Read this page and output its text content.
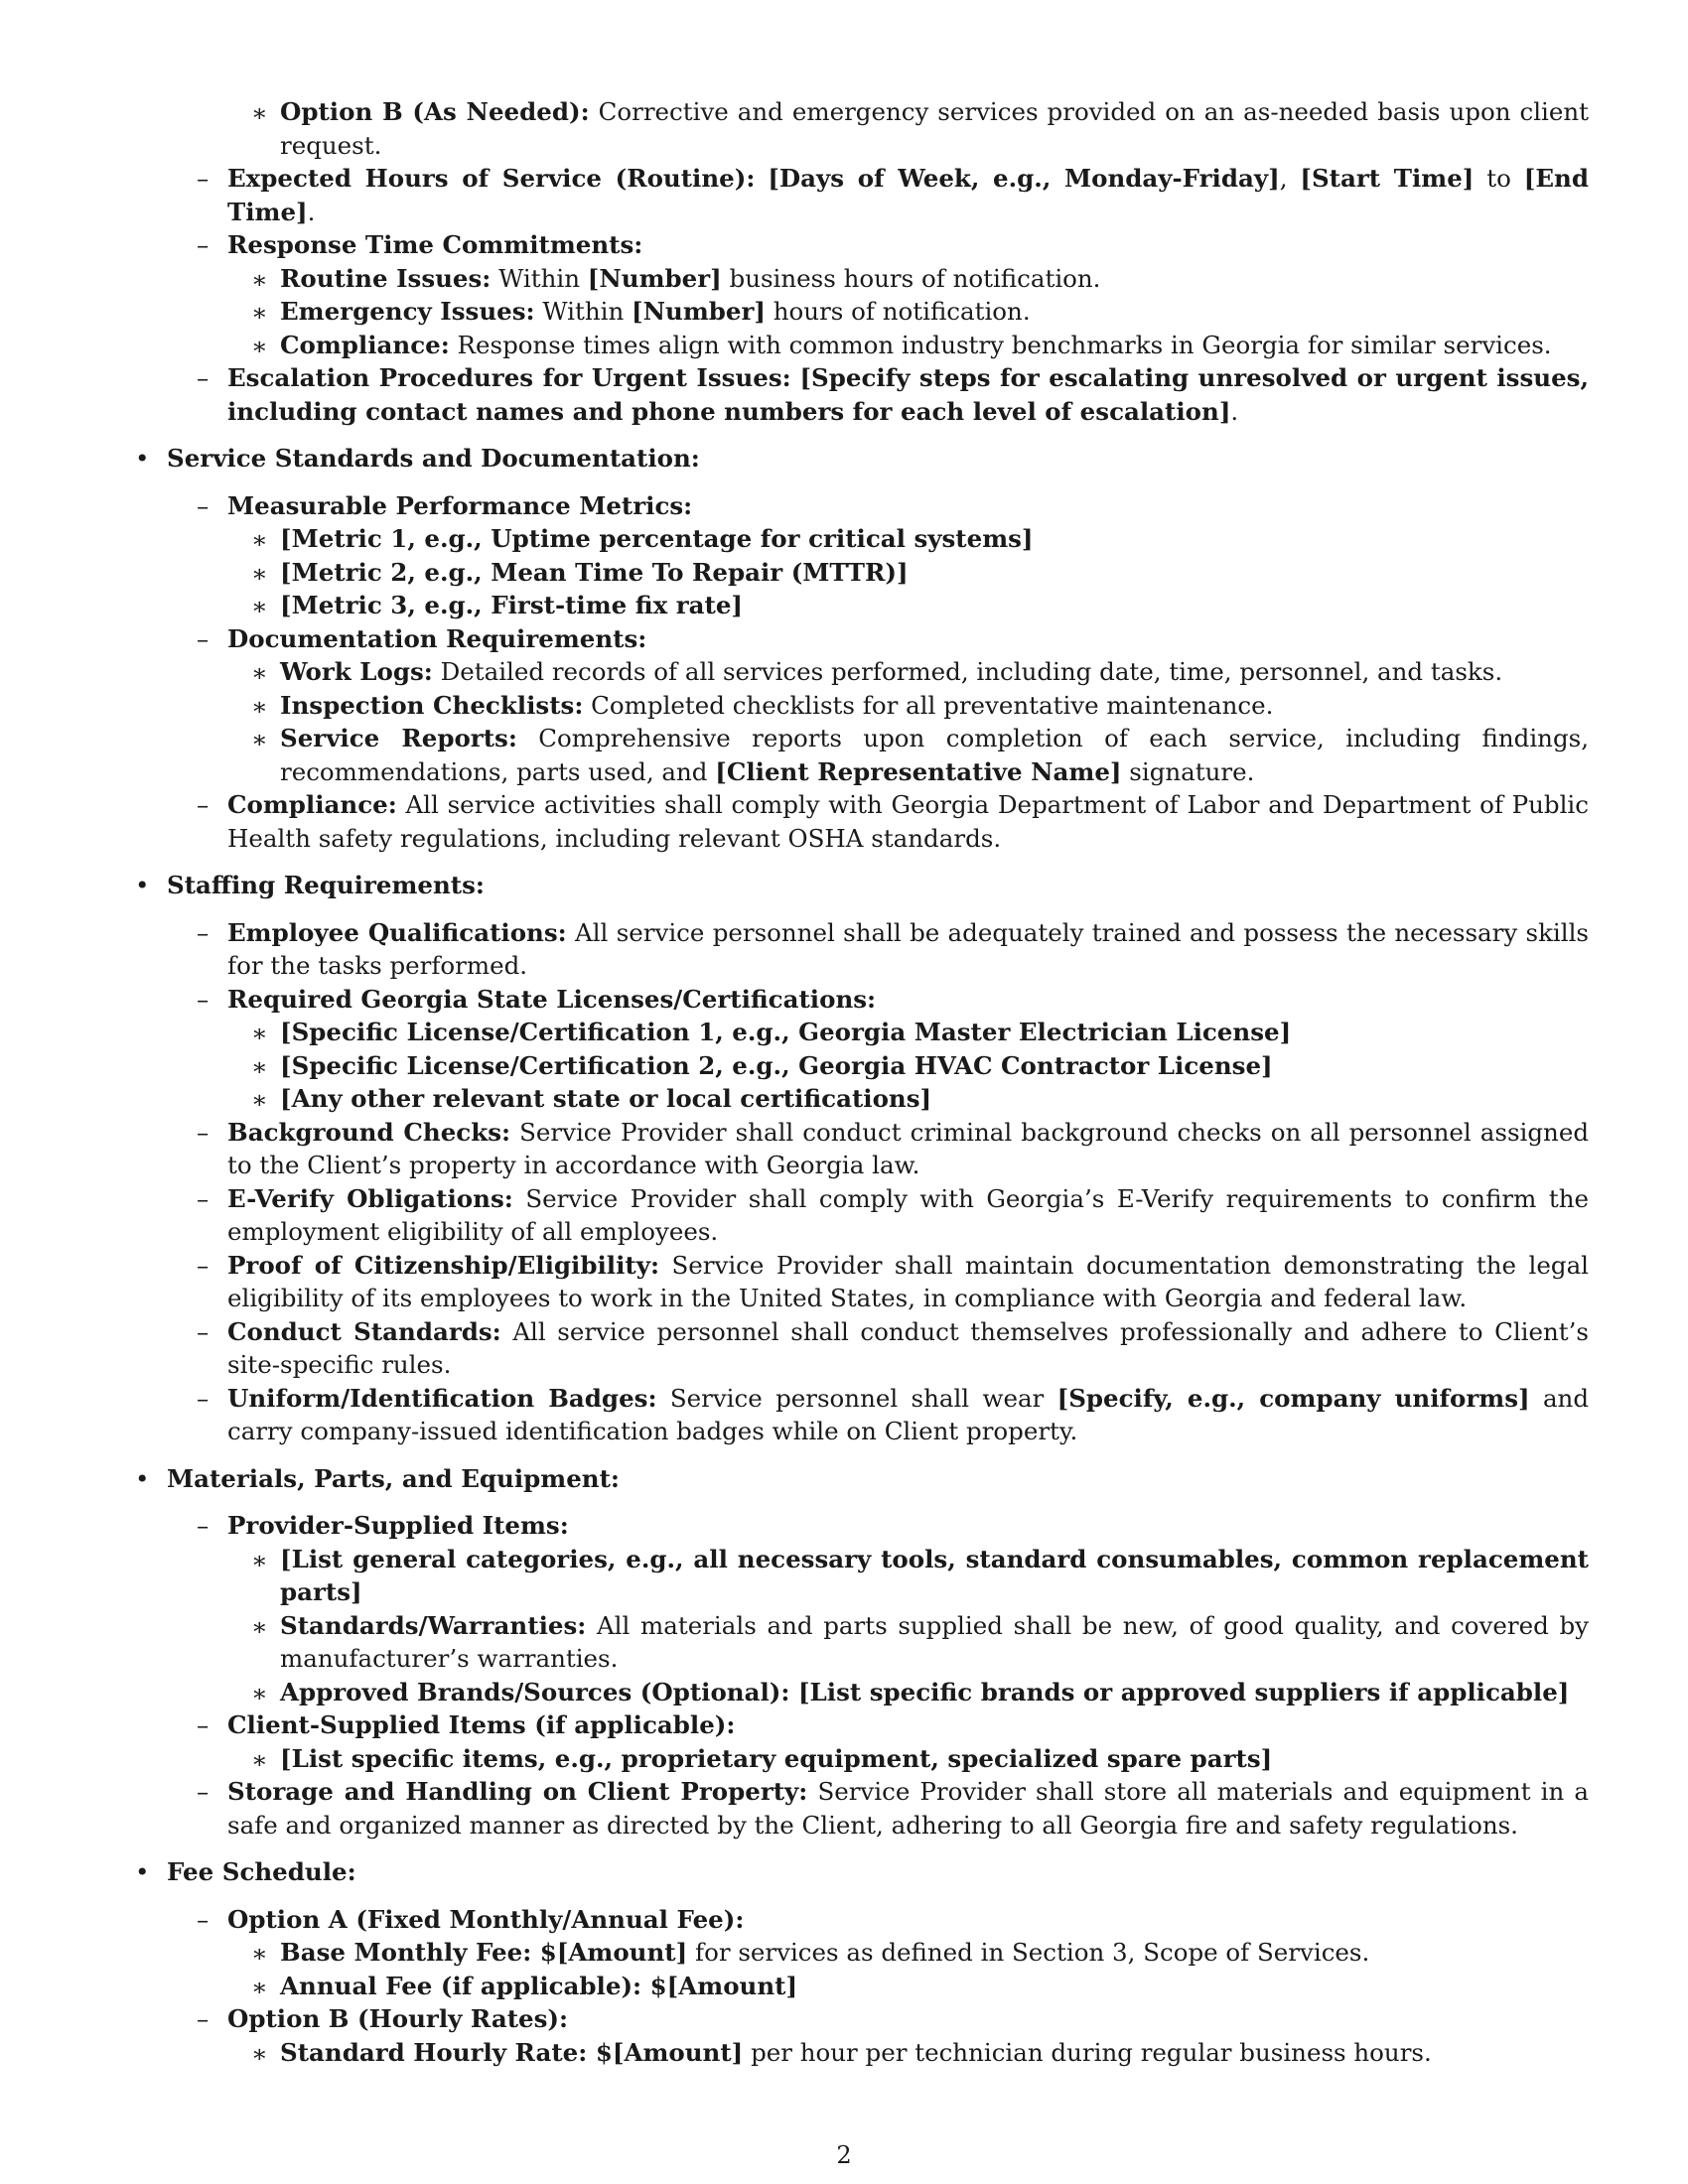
∗ Option B (As Needed): Corrective and emergency services provided on an as-needed basis upon client request.
– Expected Hours of Service (Routine): [Days of Week, e.g., Monday-Friday], [Start Time] to [End Time].
– Response Time Commitments:
∗ Routine Issues: Within [Number] business hours of notification.
∗ Emergency Issues: Within [Number] hours of notification.
∗ Compliance: Response times align with common industry benchmarks in Georgia for similar services.
– Escalation Procedures for Urgent Issues: [Specify steps for escalating unresolved or urgent issues, including contact names and phone numbers for each level of escalation].
• Service Standards and Documentation:
– Measurable Performance Metrics:
∗ [Metric 1, e.g., Uptime percentage for critical systems]
∗ [Metric 2, e.g., Mean Time To Repair (MTTR)]
∗ [Metric 3, e.g., First-time fix rate]
– Documentation Requirements:
∗ Work Logs: Detailed records of all services performed, including date, time, personnel, and tasks.
∗ Inspection Checklists: Completed checklists for all preventative maintenance.
∗ Service Reports: Comprehensive reports upon completion of each service, including findings, recommendations, parts used, and [Client Representative Name] signature.
– Compliance: All service activities shall comply with Georgia Department of Labor and Department of Public Health safety regulations, including relevant OSHA standards.
• Staffing Requirements:
– Employee Qualifications: All service personnel shall be adequately trained and possess the necessary skills for the tasks performed.
– Required Georgia State Licenses/Certifications:
∗ [Specific License/Certification 1, e.g., Georgia Master Electrician License]
∗ [Specific License/Certification 2, e.g., Georgia HVAC Contractor License]
∗ [Any other relevant state or local certifications]
– Background Checks: Service Provider shall conduct criminal background checks on all personnel assigned to the Client’s property in accordance with Georgia law.
– E-Verify Obligations: Service Provider shall comply with Georgia’s E-Verify requirements to confirm the employment eligibility of all employees.
– Proof of Citizenship/Eligibility: Service Provider shall maintain documentation demonstrating the legal eligibility of its employees to work in the United States, in compliance with Georgia and federal law.
– Conduct Standards: All service personnel shall conduct themselves professionally and adhere to Client’s site-specific rules.
– Uniform/Identification Badges: Service personnel shall wear [Specify, e.g., company uniforms] and carry company-issued identification badges while on Client property.
• Materials, Parts, and Equipment:
– Provider-Supplied Items:
∗ [List general categories, e.g., all necessary tools, standard consumables, common replacement parts]
∗ Standards/Warranties: All materials and parts supplied shall be new, of good quality, and covered by manufacturer’s warranties.
∗ Approved Brands/Sources (Optional): [List specific brands or approved suppliers if applicable]
– Client-Supplied Items (if applicable):
∗ [List specific items, e.g., proprietary equipment, specialized spare parts]
– Storage and Handling on Client Property: Service Provider shall store all materials and equipment in a safe and organized manner as directed by the Client, adhering to all Georgia fire and safety regulations.
• Fee Schedule:
– Option A (Fixed Monthly/Annual Fee):
∗ Base Monthly Fee: $[Amount] for services as defined in Section 3, Scope of Services.
∗ Annual Fee (if applicable): $[Amount]
– Option B (Hourly Rates):
∗ Standard Hourly Rate: $[Amount] per hour per technician during regular business hours.
2
